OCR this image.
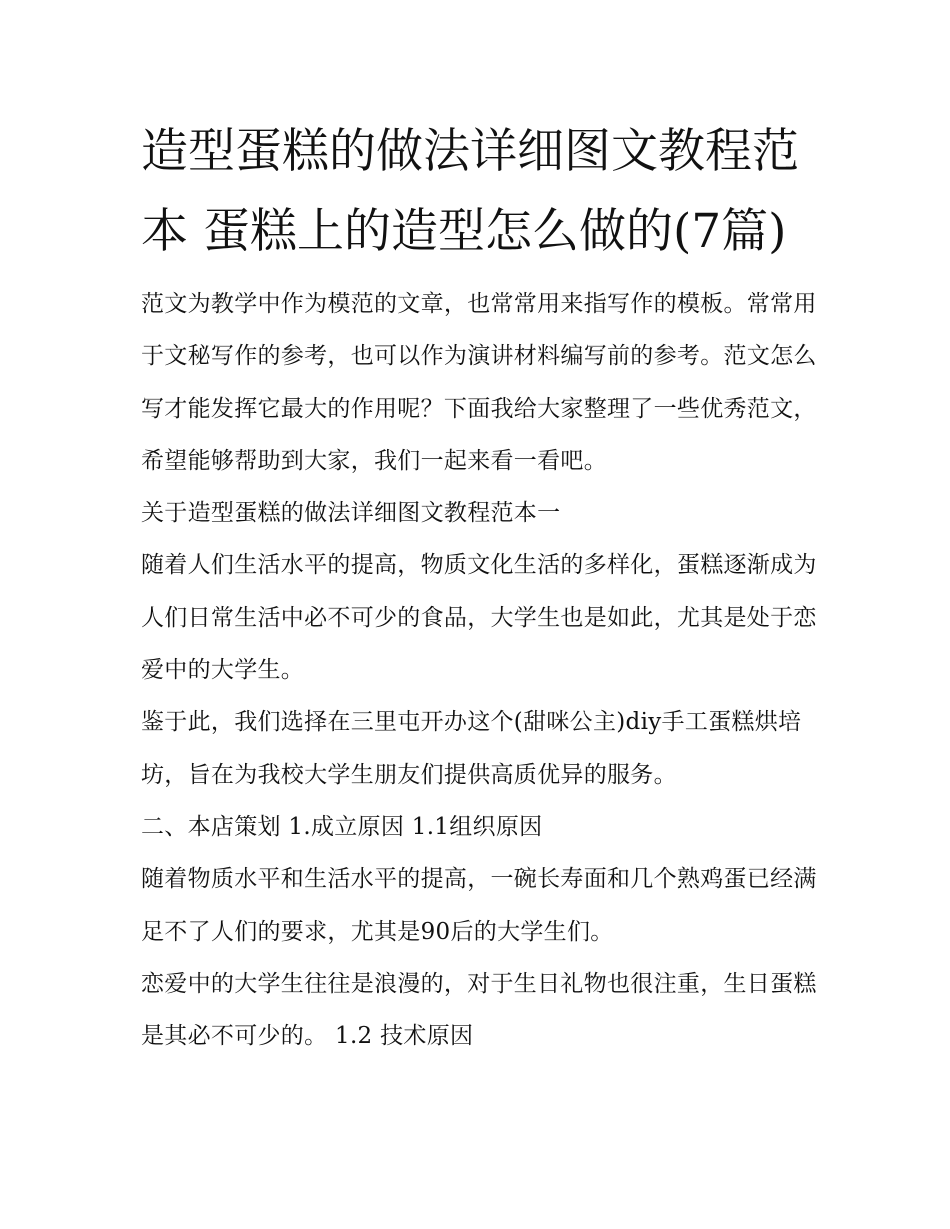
造型蛋糕的做法详细图文教程范本 蛋糕上的造型怎么做的(7篇)

范文为教学中作为模范的文章，也常常用来指写作的模板。常常用于文秘写作的参考，也可以作为演讲材料编写前的参考。范文怎么写才能发挥它最大的作用呢？下面我给大家整理了一些优秀范文，希望能够帮助到大家，我们一起来看一看吧。

关于造型蛋糕的做法详细图文教程范本一

随着人们生活水平的提高，物质文化生活的多样化，蛋糕逐渐成为人们日常生活中必不可少的食品，大学生也是如此，尤其是处于恋爱中的大学生。

鉴于此，我们选择在三里屯开办这个(甜咪公主)diy手工蛋糕烘培坊，旨在为我校大学生朋友们提供高质优异的服务。

二、本店策划 1.成立原因 1.1组织原因

随着物质水平和生活水平的提高，一碗长寿面和几个熟鸡蛋已经满足不了人们的要求，尤其是90后的大学生们。

恋爱中的大学生往往是浪漫的，对于生日礼物也很注重，生日蛋糕是其必不可少的。 1.2 技术原因
